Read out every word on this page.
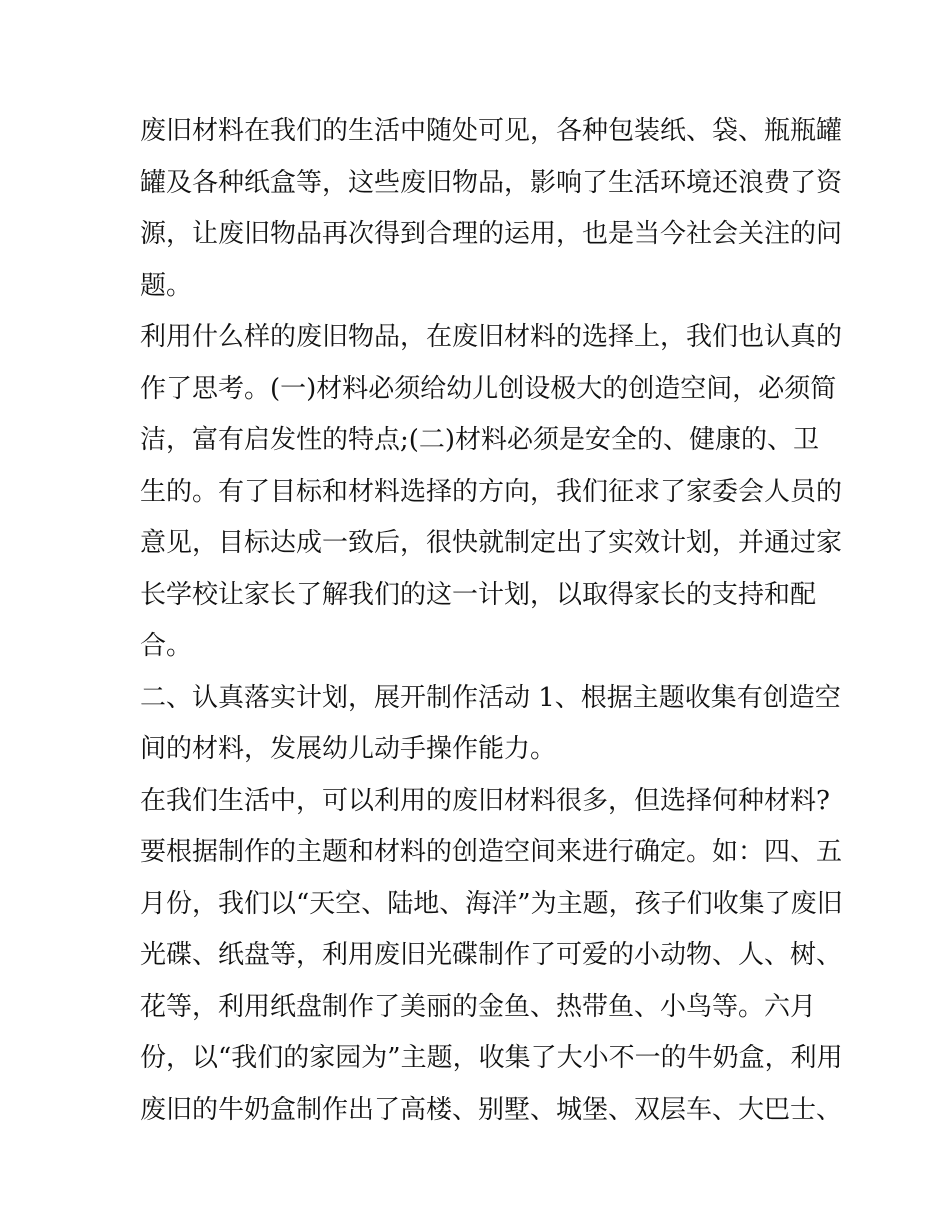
废旧材料在我们的生活中随处可见，各种包装纸、袋、瓶瓶罐
罐及各种纸盒等，这些废旧物品，影响了生活环境还浪费了资
源，让废旧物品再次得到合理的运用，也是当今社会关注的问
题。
利用什么样的废旧物品，在废旧材料的选择上，我们也认真的
作了思考。(一)材料必须给幼儿创设极大的创造空间，必须简
洁，富有启发性的特点;(二)材料必须是安全的、健康的、卫
生的。有了目标和材料选择的方向，我们征求了家委会人员的
意见，目标达成一致后，很快就制定出了实效计划，并通过家
长学校让家长了解我们的这一计划，以取得家长的支持和配
合。
二、认真落实计划，展开制作活动 1、根据主题收集有创造空
间的材料，发展幼儿动手操作能力。
在我们生活中，可以利用的废旧材料很多，但选择何种材料?
要根据制作的主题和材料的创造空间来进行确定。如：四、五
月份，我们以“天空、陆地、海洋”为主题，孩子们收集了废旧
光碟、纸盘等，利用废旧光碟制作了可爱的小动物、人、树、
花等，利用纸盘制作了美丽的金鱼、热带鱼、小鸟等。六月
份，以“我们的家园为”主题，收集了大小不一的牛奶盒，利用
废旧的牛奶盒制作出了高楼、别墅、城堡、双层车、大巴士、
